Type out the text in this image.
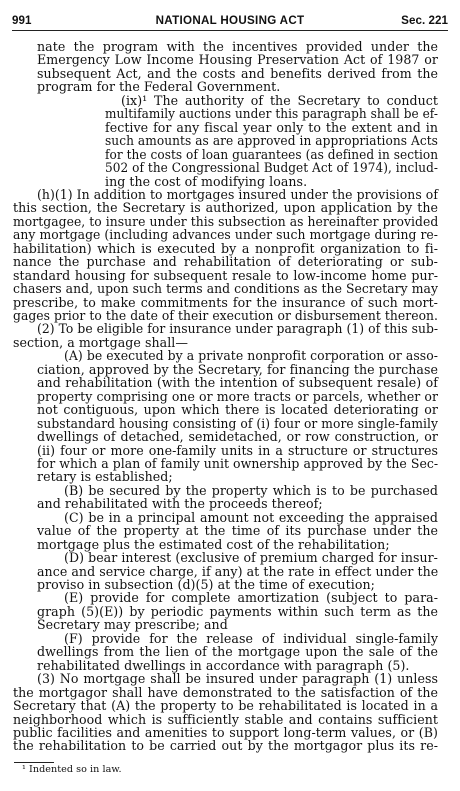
991	NATIONAL HOUSING ACT	Sec. 221
nate the program with the incentives provided under the
Emergency Low Income Housing Preservation Act of 1987 or
subsequent Act, and the costs and benefits derived from the
program for the Federal Government.
(ix)¹ The authority of the Secretary to conduct
multifamily auctions under this paragraph shall be ef-
fective for any fiscal year only to the extent and in
such amounts as are approved in appropriations Acts
for the costs of loan guarantees (as defined in section
502 of the Congressional Budget Act of 1974), includ-
ing the cost of modifying loans.
(h)(1) In addition to mortgages insured under the provisions of
this section, the Secretary is authorized, upon application by the
mortgagee, to insure under this subsection as hereinafter provided
any mortgage (including advances under such mortgage during re-
habilitation) which is executed by a nonprofit organization to fi-
nance the purchase and rehabilitation of deteriorating or sub-
standard housing for subsequent resale to low-income home pur-
chasers and, upon such terms and conditions as the Secretary may
prescribe, to make commitments for the insurance of such mort-
gages prior to the date of their execution or disbursement thereon.
(2) To be eligible for insurance under paragraph (1) of this sub-
section, a mortgage shall—
(A) be executed by a private nonprofit corporation or asso-
ciation, approved by the Secretary, for financing the purchase
and rehabilitation (with the intention of subsequent resale) of
property comprising one or more tracts or parcels, whether or
not contiguous, upon which there is located deteriorating or
substandard housing consisting of (i) four or more single-family
dwellings of detached, semidetached, or row construction, or
(ii) four or more one-family units in a structure or structures
for which a plan of family unit ownership approved by the Sec-
retary is established;
(B) be secured by the property which is to be purchased
and rehabilitated with the proceeds thereof;
(C) be in a principal amount not exceeding the appraised
value of the property at the time of its purchase under the
mortgage plus the estimated cost of the rehabilitation;
(D) bear interest (exclusive of premium charged for insur-
ance and service charge, if any) at the rate in effect under the
proviso in subsection (d)(5) at the time of execution;
(E) provide for complete amortization (subject to para-
graph (5)(E)) by periodic payments within such term as the
Secretary may prescribe; and
(F) provide for the release of individual single-family
dwellings from the lien of the mortgage upon the sale of the
rehabilitated dwellings in accordance with paragraph (5).
(3) No mortgage shall be insured under paragraph (1) unless
the mortgagor shall have demonstrated to the satisfaction of the
Secretary that (A) the property to be rehabilitated is located in a
neighborhood which is sufficiently stable and contains sufficient
public facilities and amenities to support long-term values, or (B)
the rehabilitation to be carried out by the mortgagor plus its re-
¹ Indented so in law.
